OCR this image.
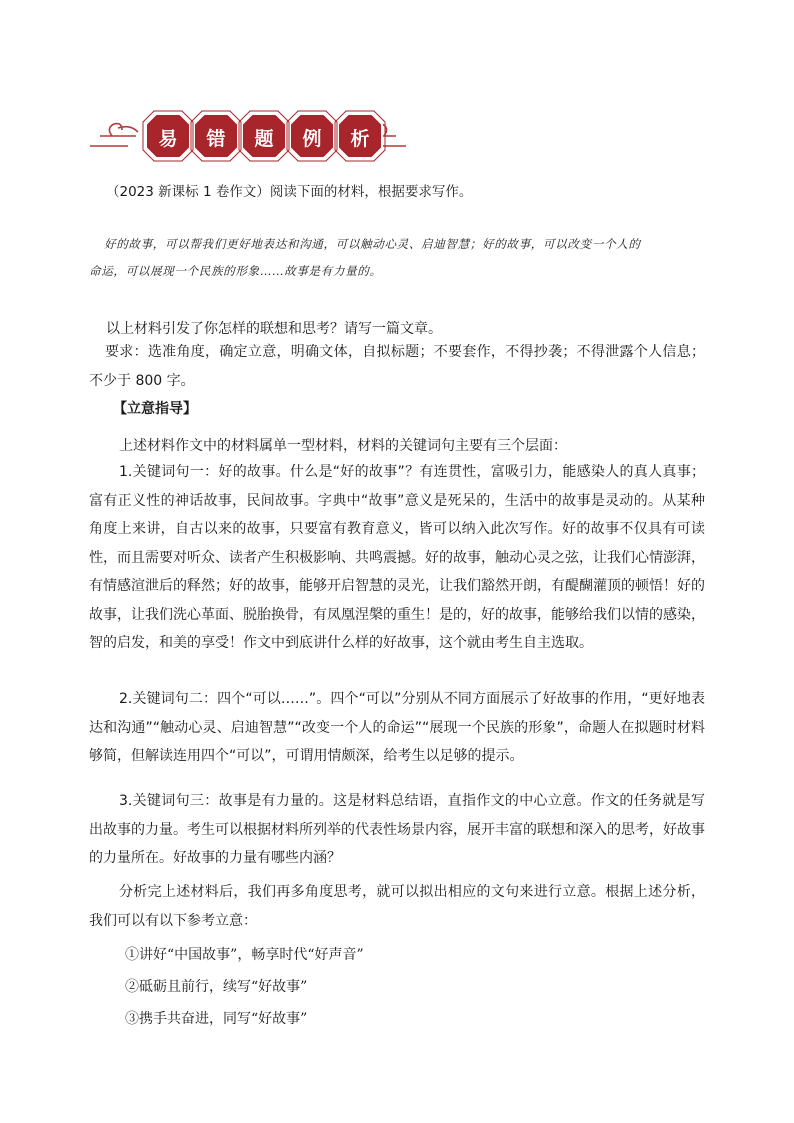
易	错	题	例	析
（2023 新课标 1 卷作文）阅读下面的材料，根据要求写作。
好的故事，可以帮我们更好地表达和沟通，可以触动心灵、启迪智慧；好的故事，可以改变一个人的
命运，可以展现一个民族的形象……故事是有力量的。
以上材料引发了你怎样的联想和思考？请写一篇文章。
要求：选准角度，确定立意，明确文体，自拟标题；不要套作，不得抄袭；不得泄露个人信息；不少于 800 字。
【立意指导】
上述材料作文中的材料属单一型材料，材料的关键词句主要有三个层面：
1.关键词句一：好的故事。什么是“好的故事”？有连贯性，富吸引力，能感染人的真人真事；富有正义性的神话故事，民间故事。字典中“故事”意义是死呆的，生活中的故事是灵动的。从某种角度上来讲，自古以来的故事，只要富有教育意义，皆可以纳入此次写作。好的故事不仅具有可读性，而且需要对听众、读者产生积极影响、共鸣震撼。好的故事，触动心灵之弦，让我们心情澎湃，有情感渲泄后的释然；好的故事，能够开启智慧的灵光，让我们豁然开朗，有醍醐灌顶的顿悟！好的故事，让我们洗心革面、脱胎换骨，有凤凰涅槃的重生！是的，好的故事，能够给我们以情的感染，智的启发，和美的享受！作文中到底讲什么样的好故事，这个就由考生自主选取。
2.关键词句二：四个“可以……”。四个“可以”分别从不同方面展示了好故事的作用，“更好地表达和沟通”“触动心灵、启迪智慧”“改变一个人的命运”“展现一个民族的形象”，命题人在拟题时材料够简，但解读连用四个“可以”，可谓用情颇深，给考生以足够的提示。
3.关键词句三：故事是有力量的。这是材料总结语，直指作文的中心立意。作文的任务就是写出故事的力量。考生可以根据材料所列举的代表性场景内容，展开丰富的联想和深入的思考，好故事的力量所在。好故事的力量有哪些内涵？
分析完上述材料后，我们再多角度思考，就可以拟出相应的文句来进行立意。根据上述分析，我们可以有以下参考立意：
①讲好“中国故事”，畅享时代“好声音”
②砥砺且前行，续写“好故事”
③携手共奋进，同写“好故事”
